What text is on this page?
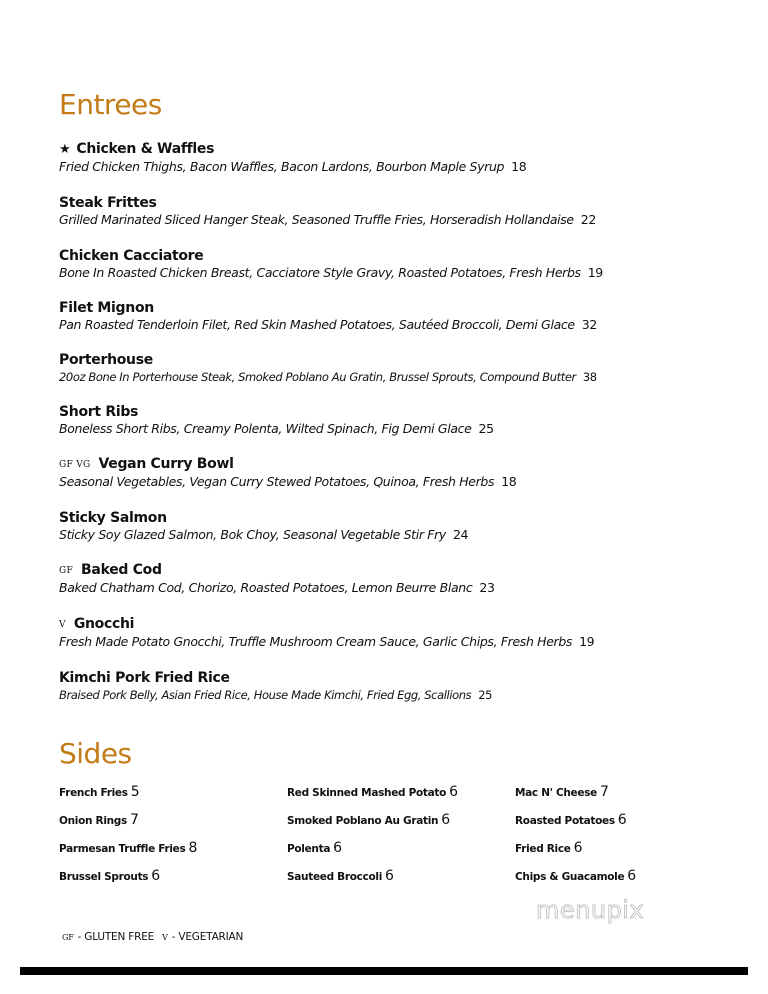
Entrees
★ Chicken & Waffles
Fried Chicken Thighs, Bacon Waffles, Bacon Lardons, Bourbon Maple Syrup 18
Steak Frittes
Grilled Marinated Sliced Hanger Steak, Seasoned Truffle Fries, Horseradish Hollandaise 22
Chicken Cacciatore
Bone In Roasted Chicken Breast, Cacciatore Style Gravy, Roasted Potatoes, Fresh Herbs 19
Filet Mignon
Pan Roasted Tenderloin Filet, Red Skin Mashed Potatoes, Sautéed Broccoli, Demi Glace 32
Porterhouse
20oz Bone In Porterhouse Steak, Smoked Poblano Au Gratin, Brussel Sprouts, Compound Butter 38
Short Ribs
Boneless Short Ribs, Creamy Polenta, Wilted Spinach, Fig Demi Glace 25
GF VG Vegan Curry Bowl
Seasonal Vegetables, Vegan Curry Stewed Potatoes, Quinoa, Fresh Herbs 18
Sticky Salmon
Sticky Soy Glazed Salmon, Bok Choy, Seasonal Vegetable Stir Fry 24
GF Baked Cod
Baked Chatham Cod, Chorizo, Roasted Potatoes, Lemon Beurre Blanc 23
V Gnocchi
Fresh Made Potato Gnocchi, Truffle Mushroom Cream Sauce, Garlic Chips, Fresh Herbs 19
Kimchi Pork Fried Rice
Braised Pork Belly, Asian Fried Rice, House Made Kimchi, Fried Egg, Scallions 25
Sides
French Fries 5
Onion Rings 7
Parmesan Truffle Fries 8
Brussel Sprouts 6
Red Skinned Mashed Potato 6
Smoked Poblano Au Gratin 6
Polenta 6
Sauteed Broccoli 6
Mac N' Cheese 7
Roasted Potatoes 6
Fried Rice 6
Chips & Guacamole 6
menupix
GF - GLUTEN FREE V - VEGETARIAN
